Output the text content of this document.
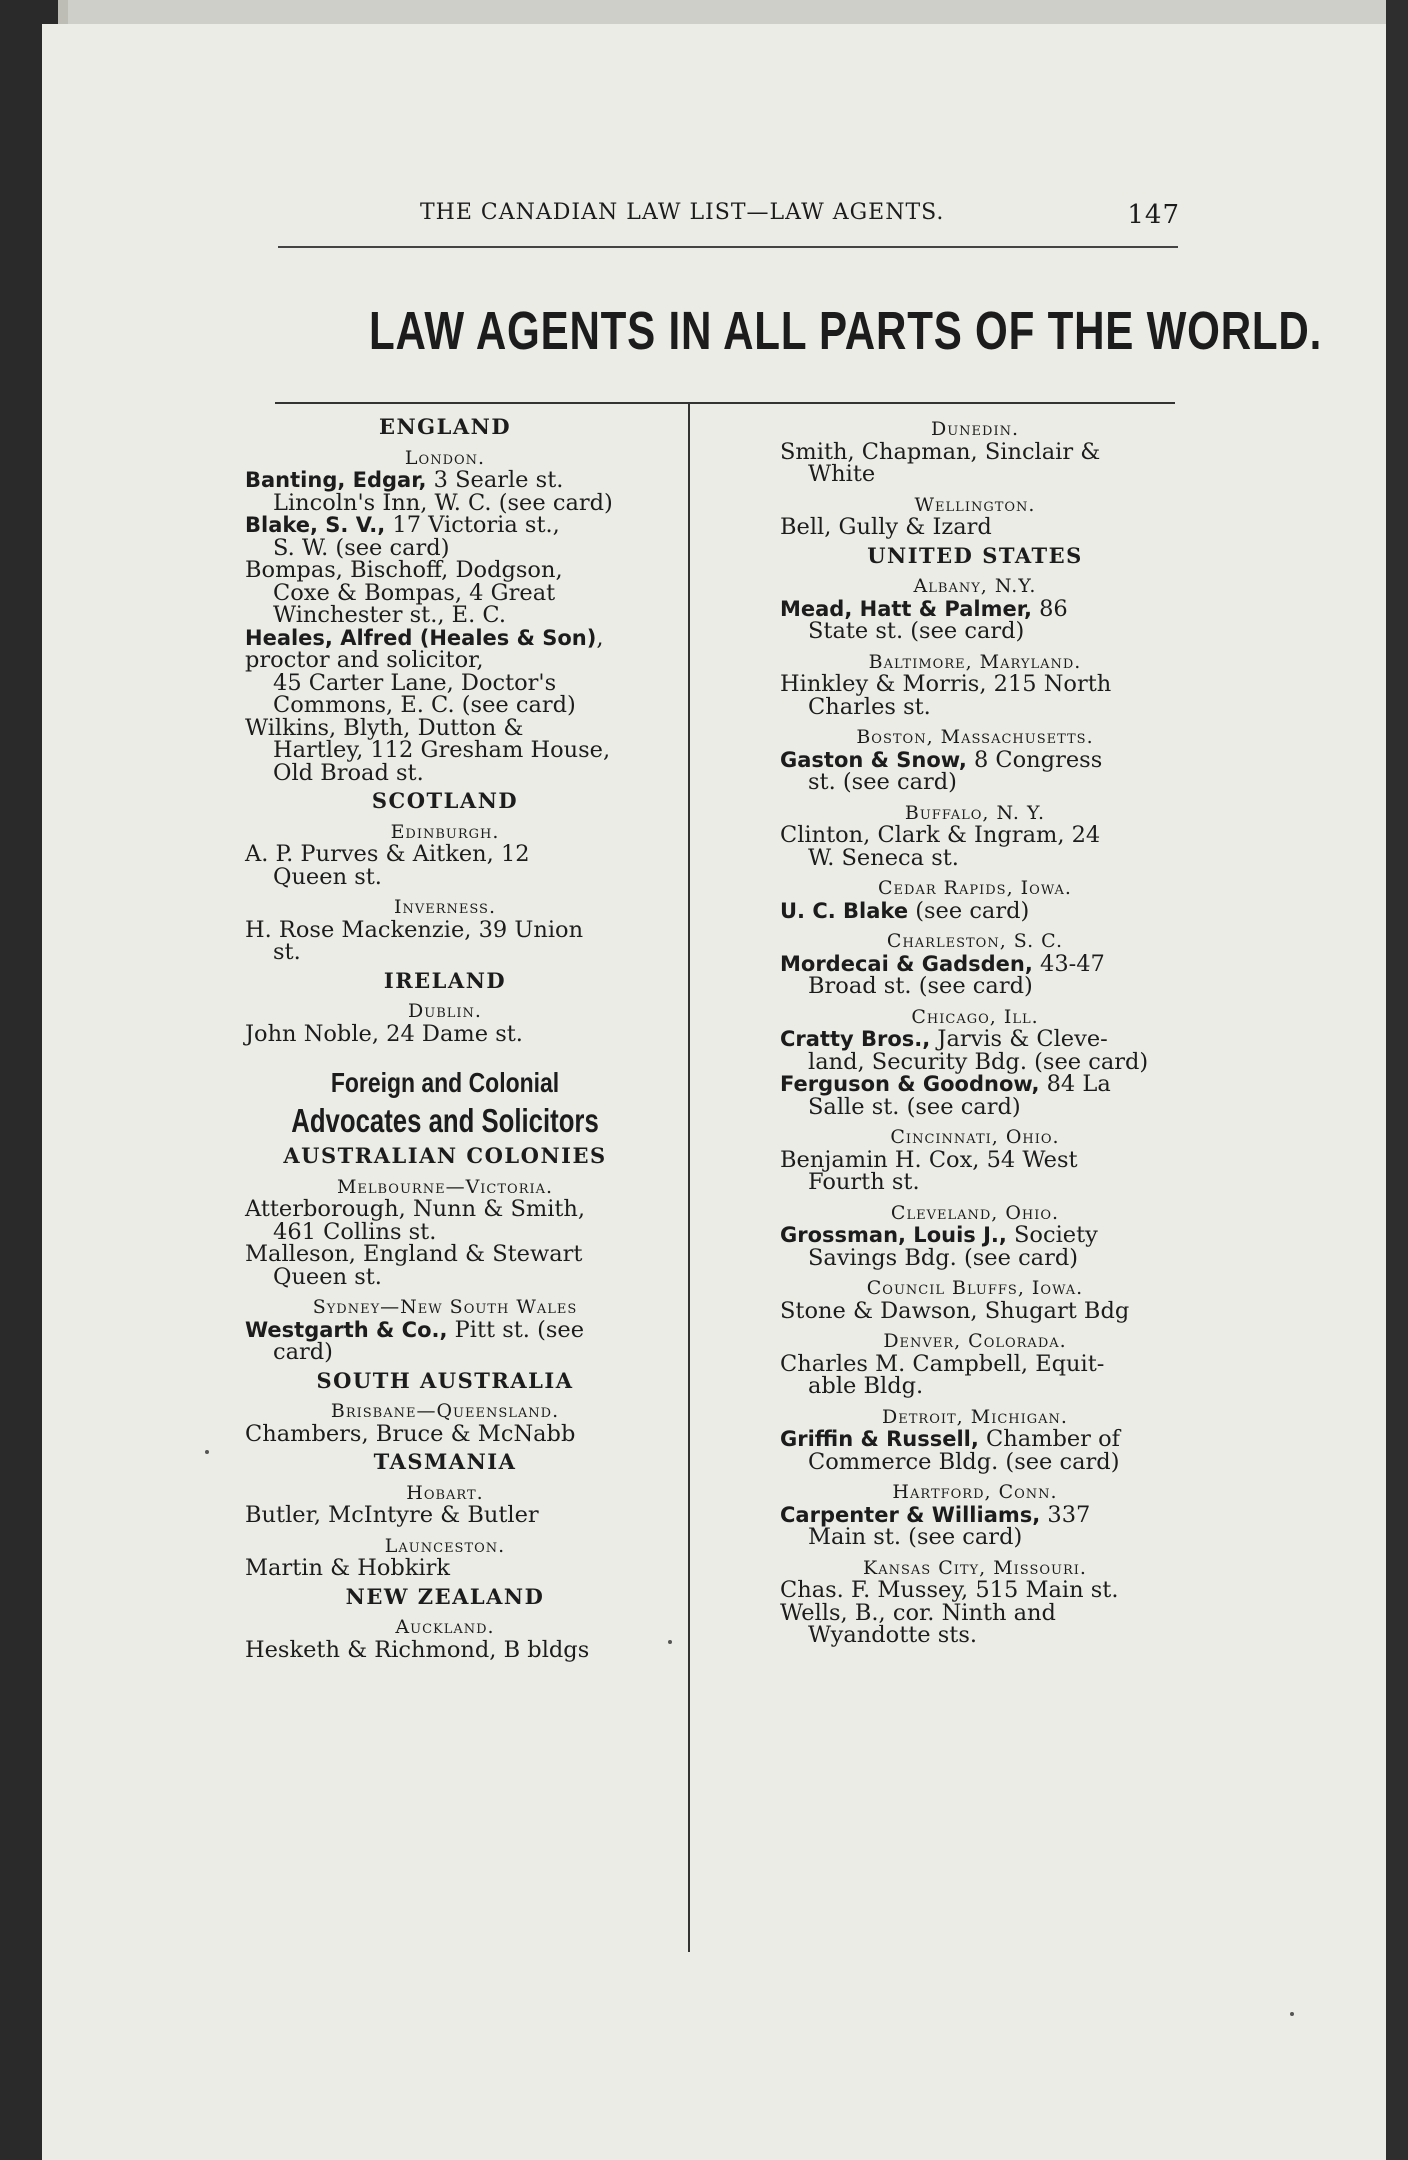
THE CANADIAN LAW LIST—LAW AGENTS.	147
LAW AGENTS IN ALL PARTS OF THE WORLD.
ENGLAND
London.
Banting, Edgar, 3 Searle st.
Lincoln's Inn, W. C. (see card)
Blake, S. V., 17 Victoria st.,
S. W. (see card)
Bompas, Bischoff, Dodgson,
Coxe & Bompas, 4 Great Winchester st., E. C.
Heales, Alfred (Heales & Son), proctor and solicitor,
45 Carter Lane, Doctor's Commons, E. C. (see card)
Wilkins, Blyth, Dutton &
Hartley, 112 Gresham House, Old Broad st.
SCOTLAND
Edinburgh.
A. P. Purves & Aitken, 12
Queen st.
Inverness.
H. Rose Mackenzie, 39 Union
st.
IRELAND
Dublin.
John Noble, 24 Dame st.
Foreign and Colonial
Advocates and Solicitors
AUSTRALIAN COLONIES
Melbourne—Victoria.
Atterborough, Nunn & Smith,
461 Collins st.
Malleson, England & Stewart
Queen st.
Sydney—New South Wales
Westgarth & Co., Pitt st. (see
card)
SOUTH AUSTRALIA
Brisbane—Queensland.
Chambers, Bruce & McNabb
TASMANIA
Hobart.
Butler, McIntyre & Butler
Launceston.
Martin & Hobkirk
NEW ZEALAND
Auckland.
Hesketh & Richmond, B bldgs
Dunedin.
Smith, Chapman, Sinclair &
White
Wellington.
Bell, Gully & Izard
UNITED STATES
Albany, N.Y.
Mead, Hatt & Palmer, 86
State st. (see card)
Baltimore, Maryland.
Hinkley & Morris, 215 North
Charles st.
Boston, Massachusetts.
Gaston & Snow, 8 Congress
st. (see card)
Buffalo, N. Y.
Clinton, Clark & Ingram, 24
W. Seneca st.
Cedar Rapids, Iowa.
U. C. Blake (see card)
Charleston, S. C.
Mordecai & Gadsden, 43-47
Broad st. (see card)
Chicago, Ill.
Cratty Bros., Jarvis & Cleve-
land, Security Bdg. (see card)
Ferguson & Goodnow, 84 La
Salle st. (see card)
Cincinnati, Ohio.
Benjamin H. Cox, 54 West
Fourth st.
Cleveland, Ohio.
Grossman, Louis J., Society
Savings Bdg. (see card)
Council Bluffs, Iowa.
Stone & Dawson, Shugart Bdg
Denver, Colorada.
Charles M. Campbell, Equit-
able Bldg.
Detroit, Michigan.
Griffin & Russell, Chamber of
Commerce Bldg. (see card)
Hartford, Conn.
Carpenter & Williams, 337
Main st. (see card)
Kansas City, Missouri.
Chas. F. Mussey, 515 Main st.
Wells, B., cor. Ninth and
Wyandotte sts.
